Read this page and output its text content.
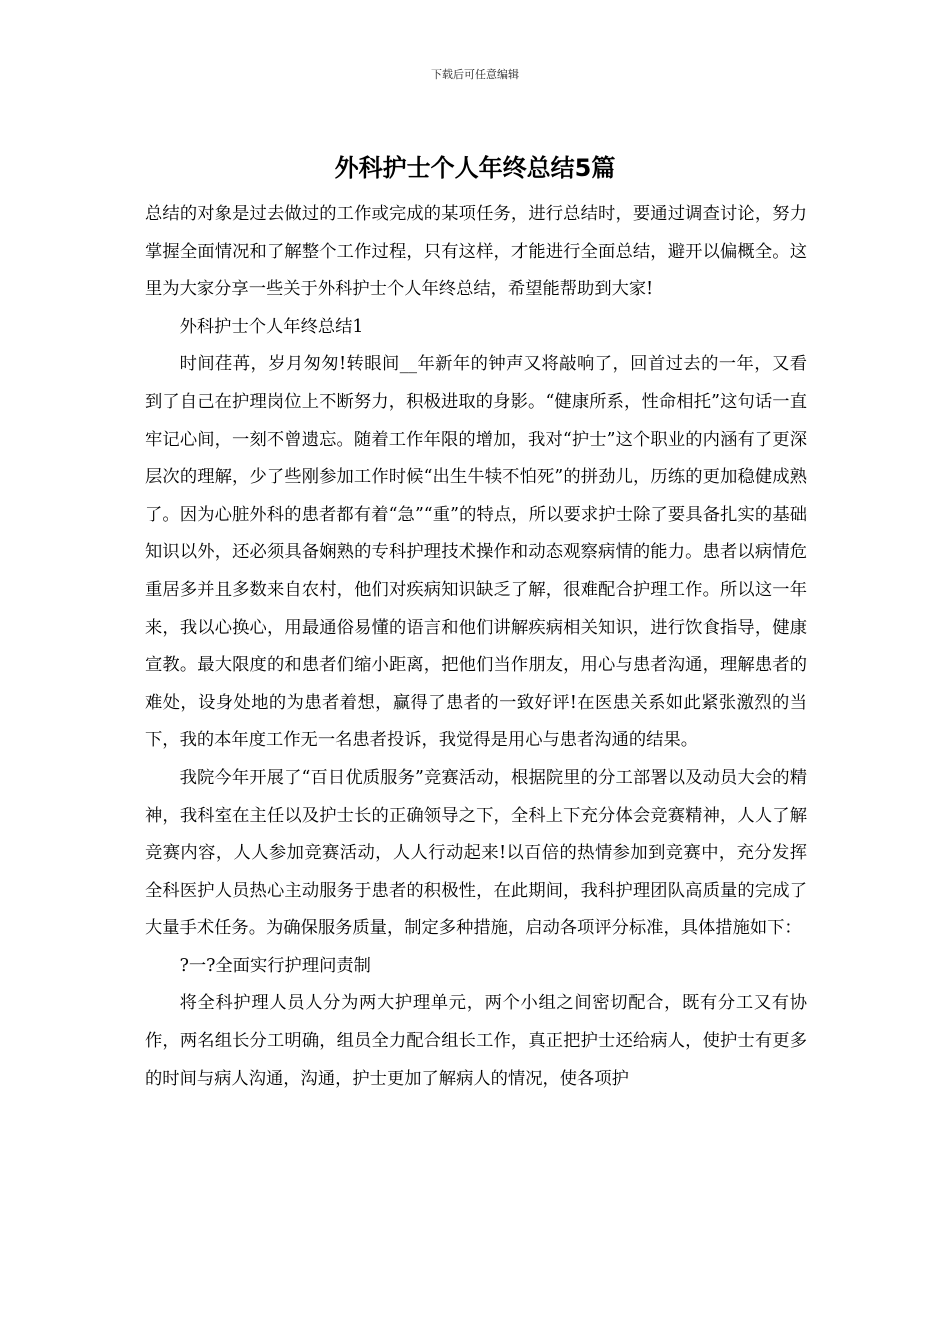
下载后可任意编辑
外科护士个人年终总结5篇

总结的对象是过去做过的工作或完成的某项任务，进行总结时，要通过调查讨论，努力掌握全面情况和了解整个工作过程，只有这样，才能进行全面总结，避开以偏概全。这里为大家分享一些关于外科护士个人年终总结，希望能帮助到大家!

外科护士个人年终总结1

时间荏苒，岁月匆匆!转眼间__年新年的钟声又将敲响了，回首过去的一年，又看到了自己在护理岗位上不断努力，积极进取的身影。“健康所系，性命相托”这句话一直牢记心间，一刻不曾遗忘。随着工作年限的增加，我对“护士”这个职业的内涵有了更深层次的理解，少了些刚参加工作时候“出生牛犊不怕死”的拼劲儿，历练的更加稳健成熟了。因为心脏外科的患者都有着“急”“重”的特点，所以要求护士除了要具备扎实的基础知识以外，还必须具备娴熟的专科护理技术操作和动态观察病情的能力。患者以病情危重居多并且多数来自农村，他们对疾病知识缺乏了解，很难配合护理工作。所以这一年来，我以心换心，用最通俗易懂的语言和他们讲解疾病相关知识，进行饮食指导，健康宣教。最大限度的和患者们缩小距离，把他们当作朋友，用心与患者沟通，理解患者的难处，设身处地的为患者着想，赢得了患者的一致好评!在医患关系如此紧张激烈的当下，我的本年度工作无一名患者投诉，我觉得是用心与患者沟通的结果。

我院今年开展了“百日优质服务”竞赛活动，根据院里的分工部署以及动员大会的精神，我科室在主任以及护士长的正确领导之下，全科上下充分体会竞赛精神，人人了解竞赛内容，人人参加竞赛活动，人人行动起来!以百倍的热情参加到竞赛中，充分发挥全科医护人员热心主动服务于患者的积极性，在此期间，我科护理团队高质量的完成了大量手术任务。为确保服务质量，制定多种措施，启动各项评分标准，具体措施如下：

?一?全面实行护理问责制

将全科护理人员人分为两大护理单元，两个小组之间密切配合，既有分工又有协作，两名组长分工明确，组员全力配合组长工作，真正把护士还给病人，使护士有更多的时间与病人沟通，沟通，护士更加了解病人的情况，使各项护
